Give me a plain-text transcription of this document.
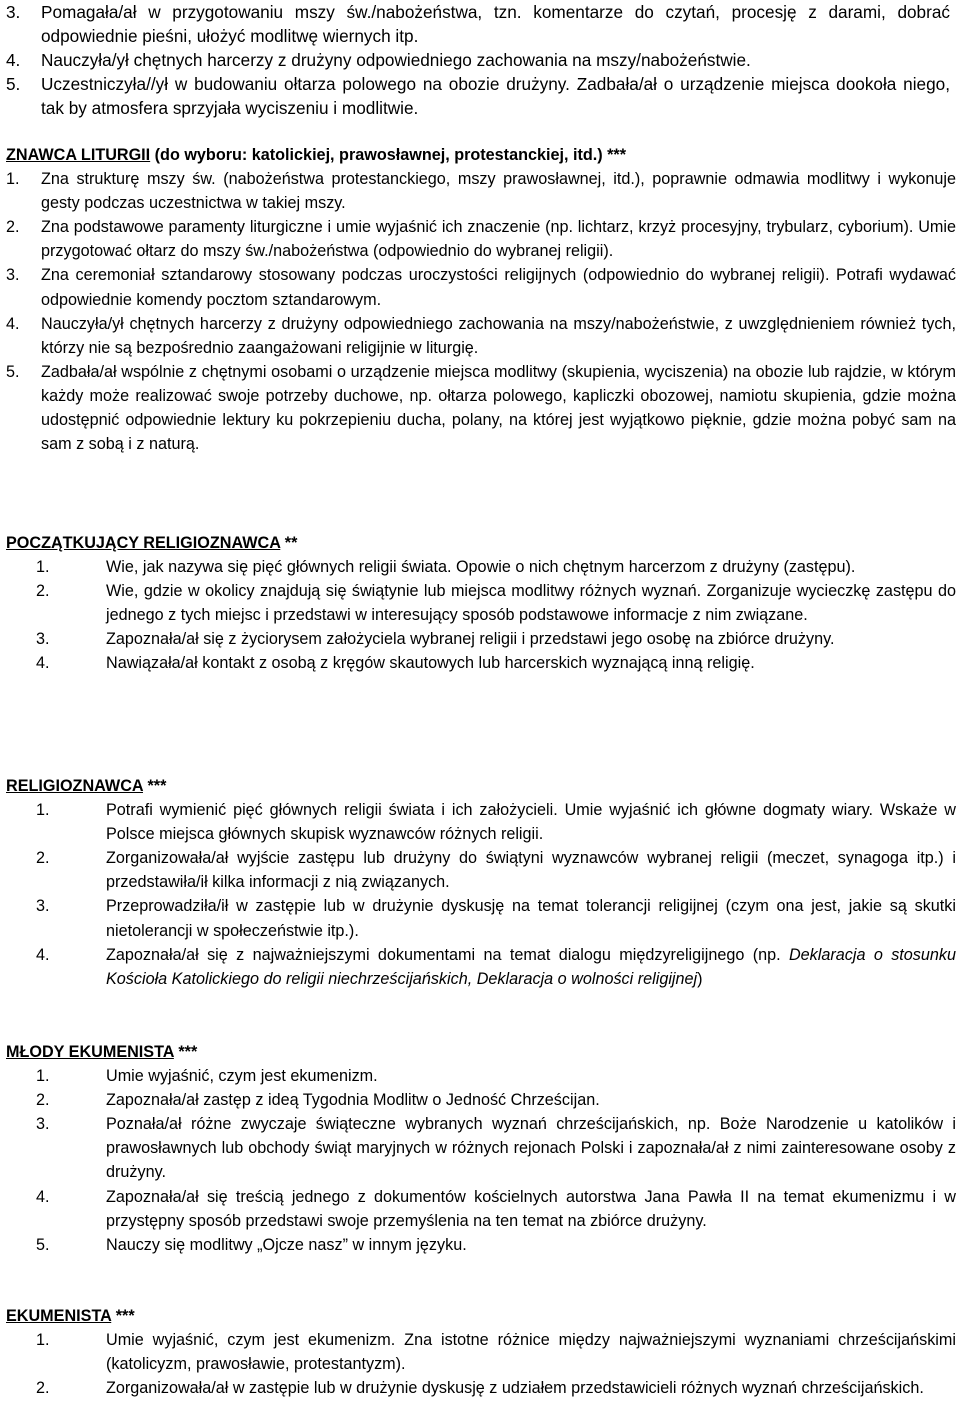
3.	Pomagała/ał w przygotowaniu mszy św./nabożeństwa, tzn. komentarze do czytań, procesję z darami, dobrać odpowiednie pieśni, ułożyć modlitwę wiernych itp.
4.	Nauczyła/ył chętnych harcerzy z drużyny odpowiedniego zachowania na mszy/nabożeństwie.
5.	Uczestniczyła//ył w budowaniu ołtarza polowego na obozie drużyny. Zadbała/ał o urządzenie miejsca dookoła niego, tak by atmosfera sprzyjała wyciszeniu i modlitwie.
ZNAWCA LITURGII (do wyboru: katolickiej, prawosławnej, protestanckiej, itd.) ***
1.	Zna strukturę mszy św. (nabożeństwa protestanckiego, mszy prawosławnej, itd.), poprawnie odmawia modlitwy i wykonuje gesty podczas uczestnictwa w takiej mszy.
2.	Zna podstawowe paramenty liturgiczne i umie wyjaśnić ich znaczenie (np. lichtarz, krzyż procesyjny, trybularz, cyborium). Umie przygotować ołtarz do mszy św./nabożeństwa (odpowiednio do wybranej religii).
3.	Zna ceremoniał sztandarowy stosowany podczas uroczystości religijnych (odpowiednio do wybranej religii). Potrafi wydawać odpowiednie komendy pocztom sztandarowym.
4.	Nauczyła/ył chętnych harcerzy z drużyny odpowiedniego zachowania na mszy/nabożeństwie, z uwzględnieniem również tych, którzy nie są bezpośrednio zaangażowani religijnie w liturgię.
5.	Zadbała/ał wspólnie z chętnymi osobami o urządzenie miejsca modlitwy (skupienia, wyciszenia) na obozie lub rajdzie, w którym każdy może realizować swoje potrzeby duchowe, np. ołtarza polowego, kapliczki obozowej, namiotu skupienia, gdzie można udostępnić odpowiednie lektury ku pokrzepieniu ducha, polany, na której jest wyjątkowo pięknie, gdzie można pobyć sam na sam z sobą i z naturą.
POCZĄTKUJĄCY RELIGIOZNAWCA **
1.	Wie, jak nazywa się pięć głównych religii świata. Opowie o nich chętnym harcerzom z drużyny (zastępu).
2.	Wie, gdzie w okolicy znajdują się świątynie lub miejsca modlitwy różnych wyznań. Zorganizuje wycieczkę zastępu do jednego z tych miejsc i przedstawi w interesujący sposób podstawowe informacje z nim związane.
3.	Zapoznała/ał się z życiorysem założyciela wybranej religii i przedstawi jego osobę na zbiórce drużyny.
4.	Nawiązała/ał kontakt z osobą z kręgów skautowych lub harcerskich wyznającą inną religię.
RELIGIOZNAWCA ***
1.	Potrafi wymienić pięć głównych religii świata i ich założycieli. Umie wyjaśnić ich główne dogmaty wiary. Wskaże w Polsce miejsca głównych skupisk wyznawców różnych religii.
2.	Zorganizowała/ał wyjście zastępu lub drużyny do świątyni wyznawców wybranej religii (meczet, synagoga itp.) i przedstawiła/ił kilka informacji z nią związanych.
3.	Przeprowadziła/ił w zastępie lub w drużynie dyskusję na temat tolerancji religijnej (czym ona jest, jakie są skutki nietolerancji w społeczeństwie itp.).
4.	Zapoznała/ał się z najważniejszymi dokumentami na temat dialogu międzyreligijnego (np. Deklaracja o stosunku Kościoła Katolickiego do religii niechrześcijańskich, Deklaracja o wolności religijnej)
MŁODY EKUMENISTA ***
1.	Umie wyjaśnić, czym jest ekumenizm.
2.	Zapoznała/ał zastęp z ideą Tygodnia Modlitw o Jedność Chrześcijan.
3.	Poznała/ał różne zwyczaje świąteczne wybranych wyznań chrześcijańskich, np. Boże Narodzenie u katolików i prawosławnych lub obchody świąt maryjnych w różnych rejonach Polski i zapoznała/ał z nimi zainteresowane osoby z drużyny.
4.	Zapoznała/ał się treścią jednego z dokumentów kościelnych autorstwa Jana Pawła II na temat ekumenizmu i w przystępny sposób przedstawi swoje przemyślenia na ten temat na zbiórce drużyny.
5.	Nauczy się modlitwy „Ojcze nasz” w innym języku.
EKUMENISTA ***
1.	Umie wyjaśnić, czym jest ekumenizm. Zna istotne różnice między najważniejszymi wyznaniami chrześcijańskimi (katolicyzm, prawosławie, protestantyzm).
2.	Zorganizowała/ał w zastępie lub w drużynie dyskusję z udziałem przedstawicieli różnych wyznań chrześcijańskich.
